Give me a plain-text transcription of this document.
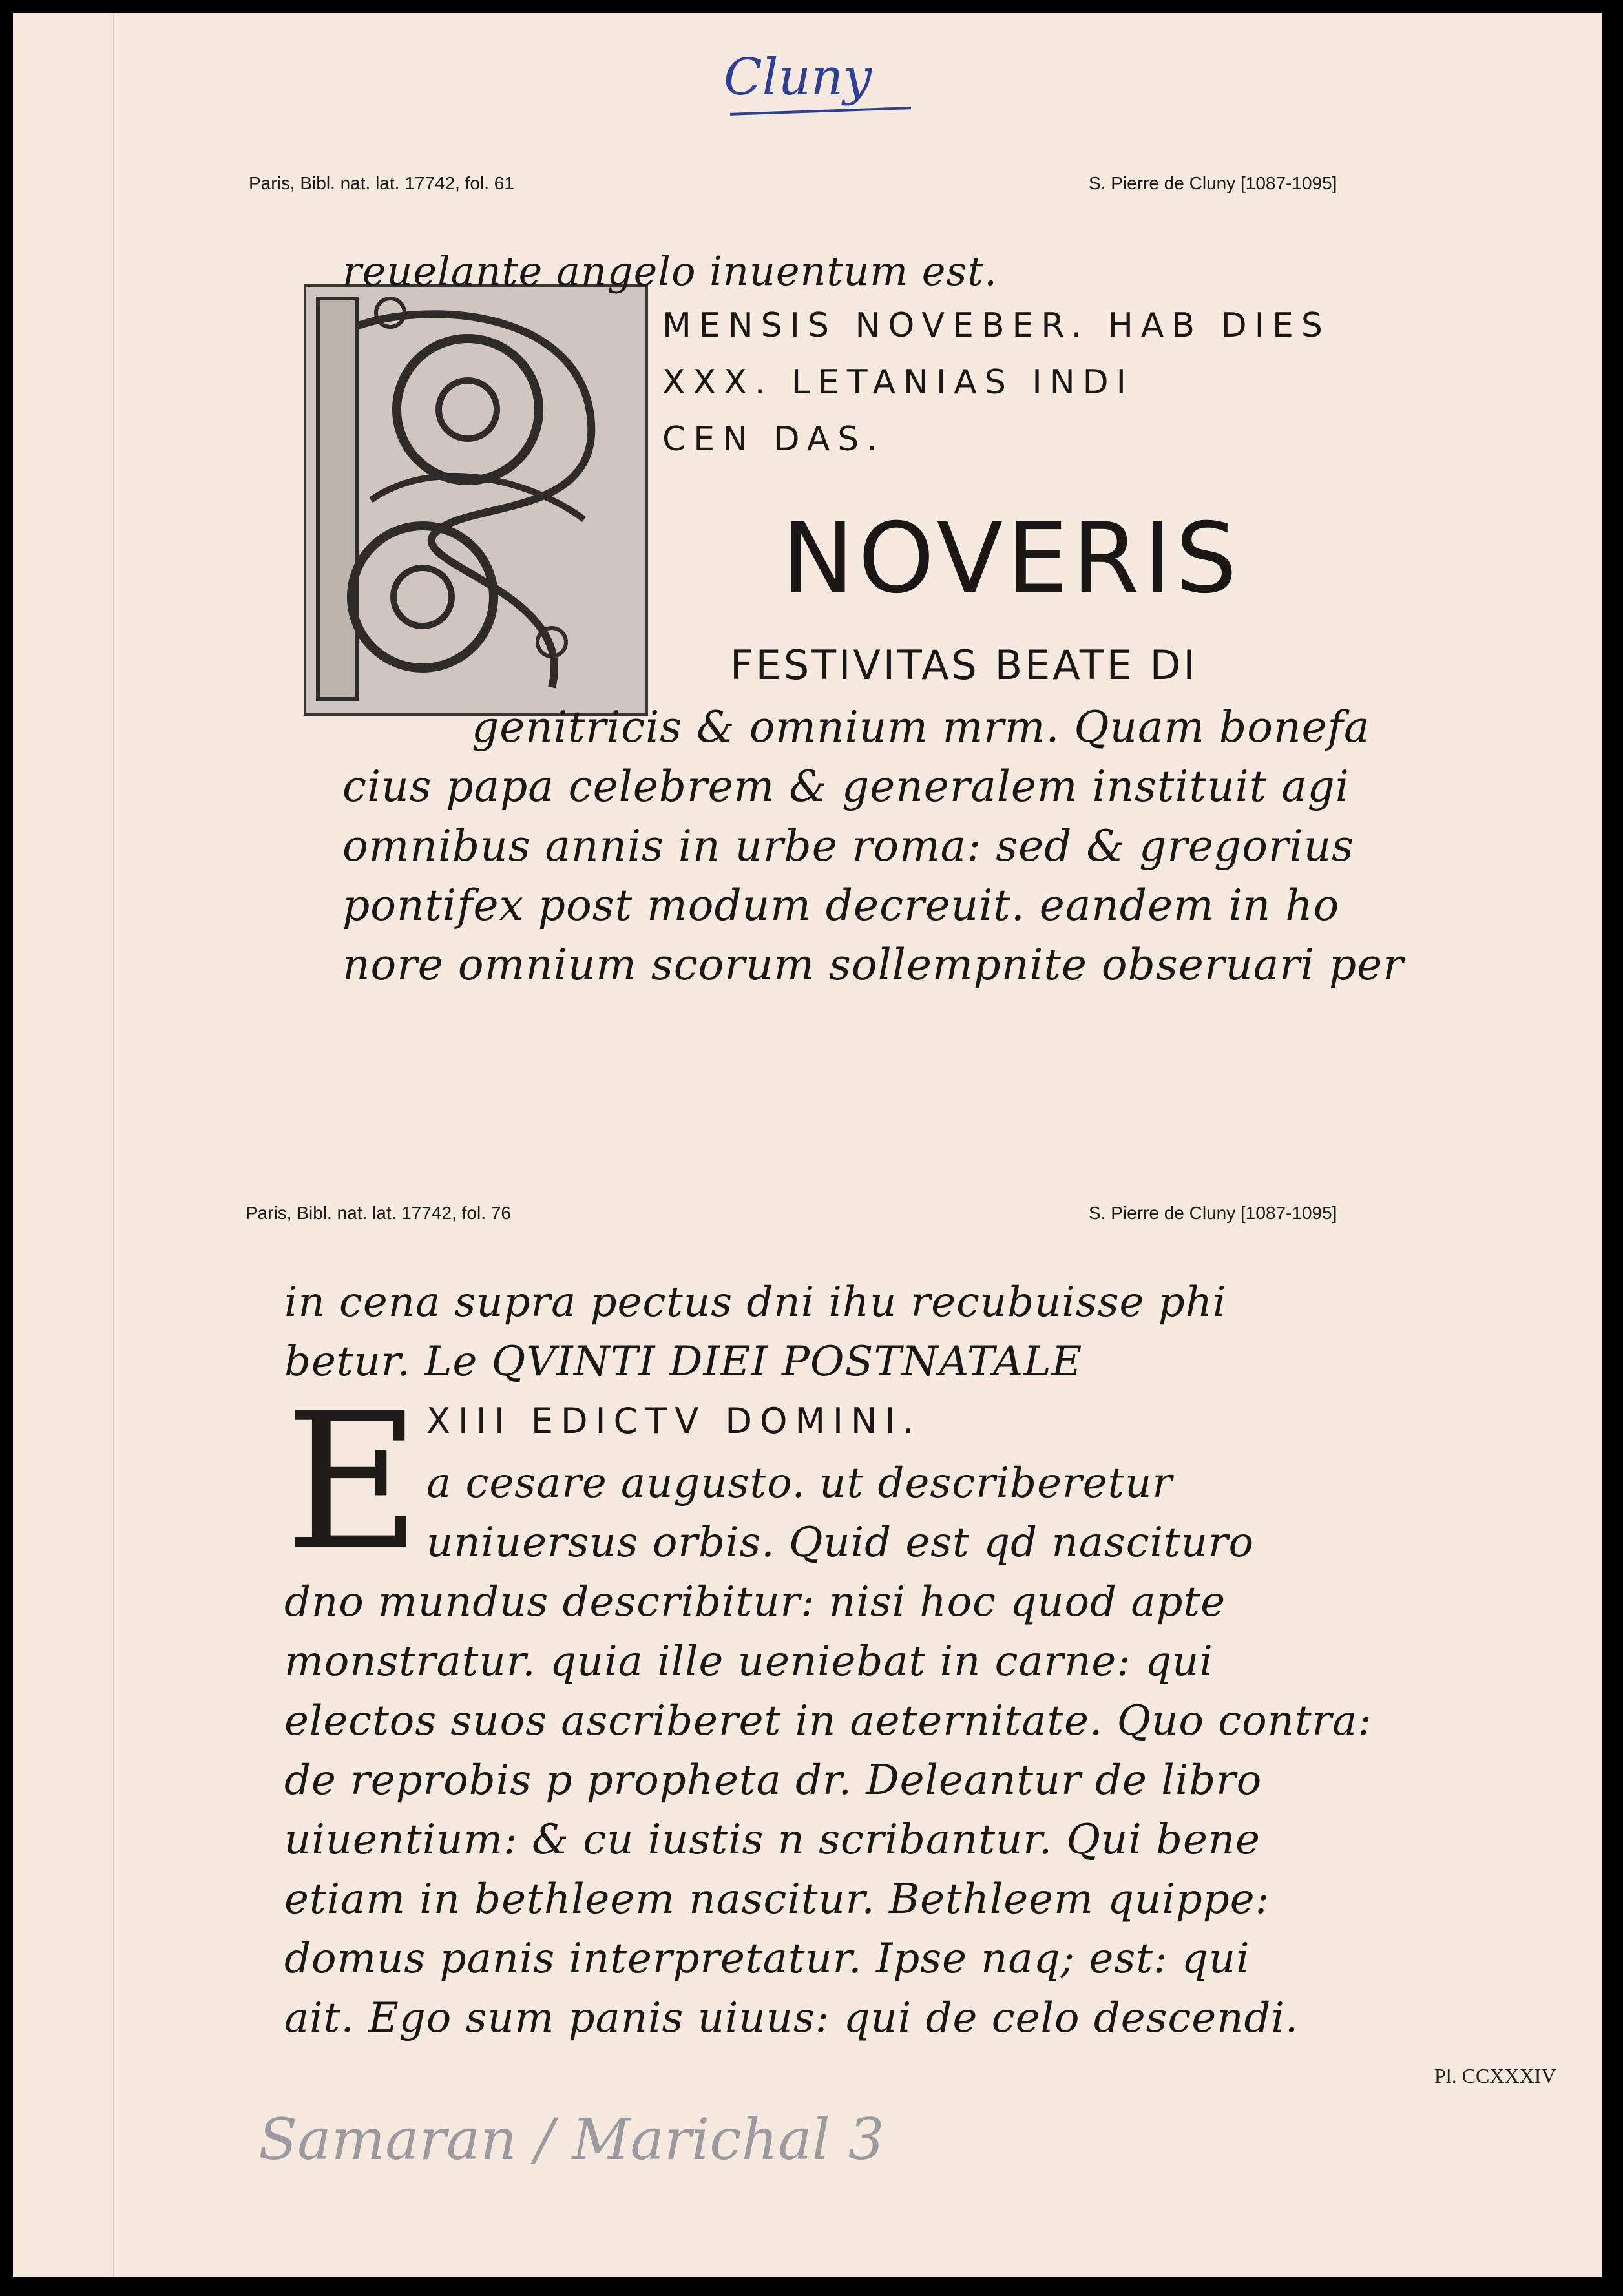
Cluny
Paris, Bibl. nat. lat. 17742, fol. 61	S. Pierre de Cluny [1087-1095]
reuelante angelo inuentum est.
MENSIS NOVEBER. HAB DIES
XXX. LETANIAS INDI
CEN DAS.
NOVERIS
FESTIVITAS BEATE DI
genitricis & omnium mrm. Quam bonefa
cius papa celebrem & generalem instituit agi
omnibus annis in urbe roma: sed & gregorius
pontifex post modum decreuit. eandem in ho
nore omnium scorum sollempnite obseruari per
Paris, Bibl. nat. lat. 17742, fol. 76	S. Pierre de Cluny [1087-1095]
E
in cena supra pectus dni ihu recubuisse phi
betur. Le QVINTI DIEI POSTNATALE
XIII EDICTV DOMINI.
a cesare augusto. ut describeretur
uniuersus orbis. Quid est qd nascituro
dno mundus describitur: nisi hoc quod apte
monstratur. quia ille ueniebat in carne: qui
electos suos ascriberet in aeternitate. Quo contra:
de reprobis p propheta dr. Deleantur de libro
uiuentium: & cu iustis n scribantur. Qui bene
etiam in bethleem nascitur. Bethleem quippe:
domus panis interpretatur. Ipse naq; est: qui
ait. Ego sum panis uiuus: qui de celo descendi.
Pl. CCXXXIV
Samaran / Marichal 3
